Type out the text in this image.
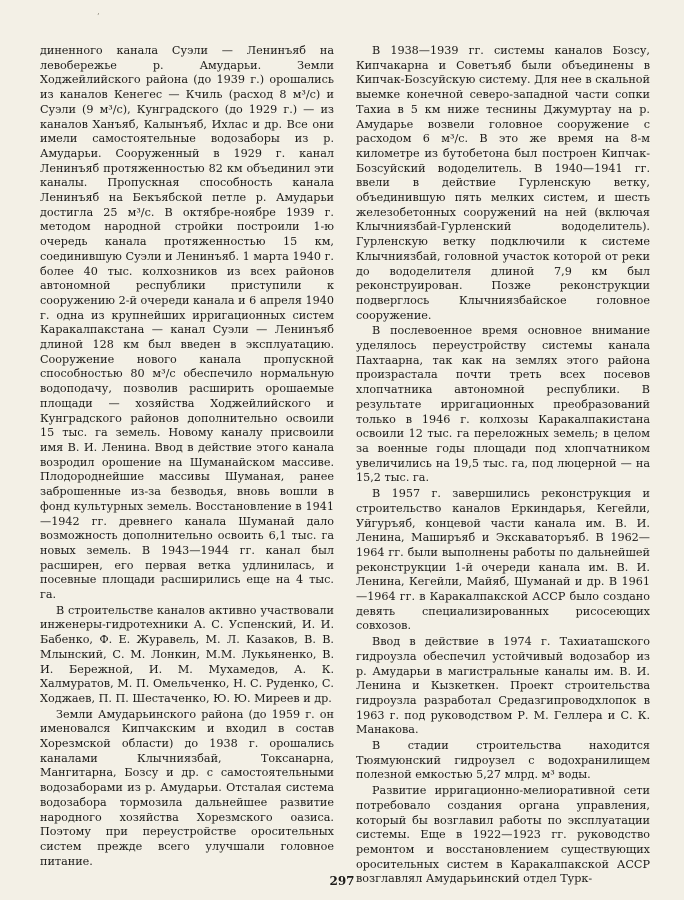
’

диненного канала Суэли — Ленинъяб на левобережье р. Амударьи. Земли Ходжейлийского района (до 1939 г.) орошались из каналов Кенегес — Кчиль (расход 8 м³/с) и Суэли (9 м³/с), Кунградского (до 1929 г.) — из каналов Ханъяб, Калынъяб, Ихлас и др. Все они имели самостоятельные водозаборы из р. Амударьи. Сооруженный в 1929 г. канал Ленинъяб протяженностью 82 км объединил эти каналы. Пропускная способность канала Ленинъяб на Бекъябской петле р. Амударьи достигла 25 м³/с. В октябре-ноябре 1939 г. методом народной стройки построили 1-ю очередь канала протяженностью 15 км, соединившую Суэли и Ленинъяб. 1 марта 1940 г. более 40 тыс. колхозников из всех районов автономной республики приступили к сооружению 2-й очереди канала и 6 апреля 1940 г. одна из крупнейших ирригационных систем Каракалпакстана — канал Суэли — Ленинъяб длиной 128 км был введен в эксплуатацию. Сооружение нового канала пропускной способностью 80 м³/с обеспечило нормальную водоподачу, позволив расширить орошаемые площади — хозяйства Ходжейлийского и Кунградского районов дополнительно освоили 15 тыс. га земель. Новому каналу присвоили имя В. И. Ленина. Ввод в действие этого канала возродил орошение на Шуманайском массиве. Плодороднейшие массивы Шуманая, ранее заброшенные из-за безводья, вновь вошли в фонд культурных земель. Восстановление в 1941—1942 гг. древнего канала Шуманай дало возможность дополнительно освоить 6,1 тыс. га новых земель. В 1943—1944 гг. канал был расширен, его первая ветка удлинилась, и посевные площади расширились еще на 4 тыс. га.

В строительстве каналов активно участвовали инженеры-гидротехники А. С. Успенский, И. И. Бабенко, Ф. Е. Журавель, М. Л. Казаков, В. В. Млынский, С. М. Лонкин, М.М. Лукьяненко, В. И. Бережной, И. М. Мухамедов, А. К. Халмуратов, М. П. Омельченко, Н. С. Руденко, С. Ходжаев, П. П. Шестаченко, Ю. Ю. Миреев и др.

Земли Амударьинского района (до 1959 г. он именовался Кипчакским и входил в состав Хорезмской области) до 1938 г. орошались каналами Клычниязбай, Токсанарна, Мангитарна, Бозсу и др. с самостоятельными водозаборами из р. Амударьи. Отсталая система водозабора тормозила дальнейшее развитие народного хозяйства Хорезмского оазиса. Поэтому при переустройстве оросительных систем прежде всего улучшали головное питание.

В 1938—1939 гг. системы каналов Бозсу, Кипчакарна и Советъяб были объединены в Кипчак-Бозсуйскую систему. Для нее в скальной выемке конечной северо-западной части сопки Тахиа в 5 км ниже теснины Джумуртау на р. Амударье возвели головное сооружение с расходом 6 м³/с. В это же время на 8-м километре из бутобетона был построен Кипчак-Бозсуйский вододелитель. В 1940—1941 гг. ввели в действие Гурленскую ветку, объединившую пять мелких систем, и шесть железобетонных сооружений на ней (включая Клычниязбай-Гурленский вододелитель). Гурленскую ветку подключили к системе Клычниязбай, головной участок которой от реки до вододелителя длиной 7,9 км был реконструирован. Позже реконструкции подверглось Клычниязбайское головное сооружение.

В послевоенное время основное внимание уделялось переустройству системы канала Пахтаарна, так как на землях этого района произрастала почти треть всех посевов хлопчатника автономной республики. В результате ирригационных преобразований только в 1946 г. колхозы Каракалпакистана освоили 12 тыс. га переложных земель; в целом за военные годы площади под хлопчатником увеличились на 19,5 тыс. га, под люцерной — на 15,2 тыс. га.

В 1957 г. завершились реконструкция и строительство каналов Еркиндарья, Кегейли, Уйгуръяб, концевой части канала им. В. И. Ленина, Маширъяб и Экскаваторъяб. В 1962—1964 гг. были выполнены работы по дальнейшей реконструкции 1-й очереди канала им. В. И. Ленина, Кегейли, Майяб, Шуманай и др. В 1961—1964 гг. в Каракалпакской АССР было создано девять специализированных рисосеющих совхозов.

Ввод в действие в 1974 г. Тахиаташского гидроузла обеспечил устойчивый водозабор из р. Амударьи в магистральные каналы им. В. И. Ленина и Кызкеткен. Проект строительства гидроузла разработал Средазгипроводхлопок в 1963 г. под руководством Р. М. Геллера и С. К. Манакова.

В стадии строительства находится Тюямуюнский гидроузел с водохранилищем полезной емкостью 5,27 млрд. м³ воды.

Развитие ирригационно-мелиоративной сети потребовало создания органа управления, который бы возглавил работы по эксплуатации системы. Еще в 1922—1923 гг. руководство ремонтом и восстановлением существующих оросительных систем в Каракалпакской АССР возглавлял Амударьинский отдел Турк-

297
